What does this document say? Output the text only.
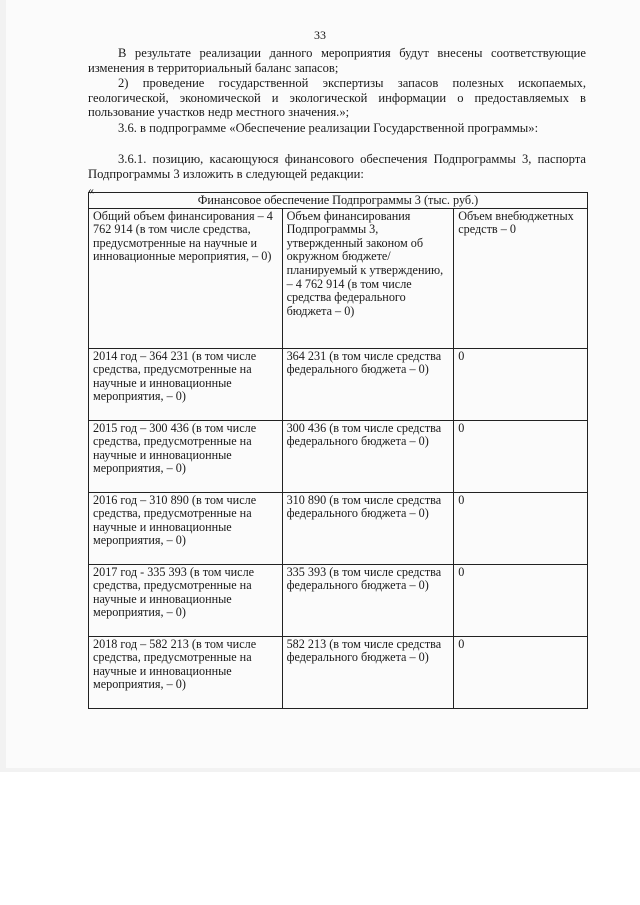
33

В результате реализации данного мероприятия будут внесены соответствующие изменения в территориальный баланс запасов;

2) проведение государственной экспертизы запасов полезных ископаемых, геологической, экономической и экологической информации о предоставляемых в пользование участков недр местного значения.»;

3.6. в подпрограмме «Обеспечение реализации Государственной программы»:

3.6.1. позицию, касающуюся финансового обеспечения Подпрограммы 3, паспорта Подпрограммы 3 изложить в следующей редакции:

«
Финансовое обеспечение Подпрограммы 3 (тыс. руб.)		
Общий объем финансирования – 4 762 914 (в том числе средства, предусмотренные на научные и инновационные мероприятия, – 0)	Объем финансирования Подпрограммы 3, утвержденный законом об окружном бюджете/планируемый к утверждению, – 4 762 914 (в том числе средства федерального бюджета – 0)	Объем внебюджетных средств – 0
2014 год – 364 231 (в том числе средства, предусмотренные на научные и инновационные мероприятия, – 0)	364 231 (в том числе средства федерального бюджета – 0)	0
2015 год – 300 436 (в том числе средства, предусмотренные на научные и инновационные мероприятия, – 0)	300 436 (в том числе средства федерального бюджета – 0)	0
2016 год – 310 890 (в том числе средства, предусмотренные на научные и инновационные мероприятия, – 0)	310 890 (в том числе средства федерального бюджета – 0)	0
2017 год - 335 393 (в том числе средства, предусмотренные на научные и инновационные мероприятия, – 0)	335 393 (в том числе средства федерального бюджета – 0)	0
2018 год – 582 213 (в том числе средства, предусмотренные на научные и инновационные мероприятия, – 0)	582 213 (в том числе средства федерального бюджета – 0)	0
